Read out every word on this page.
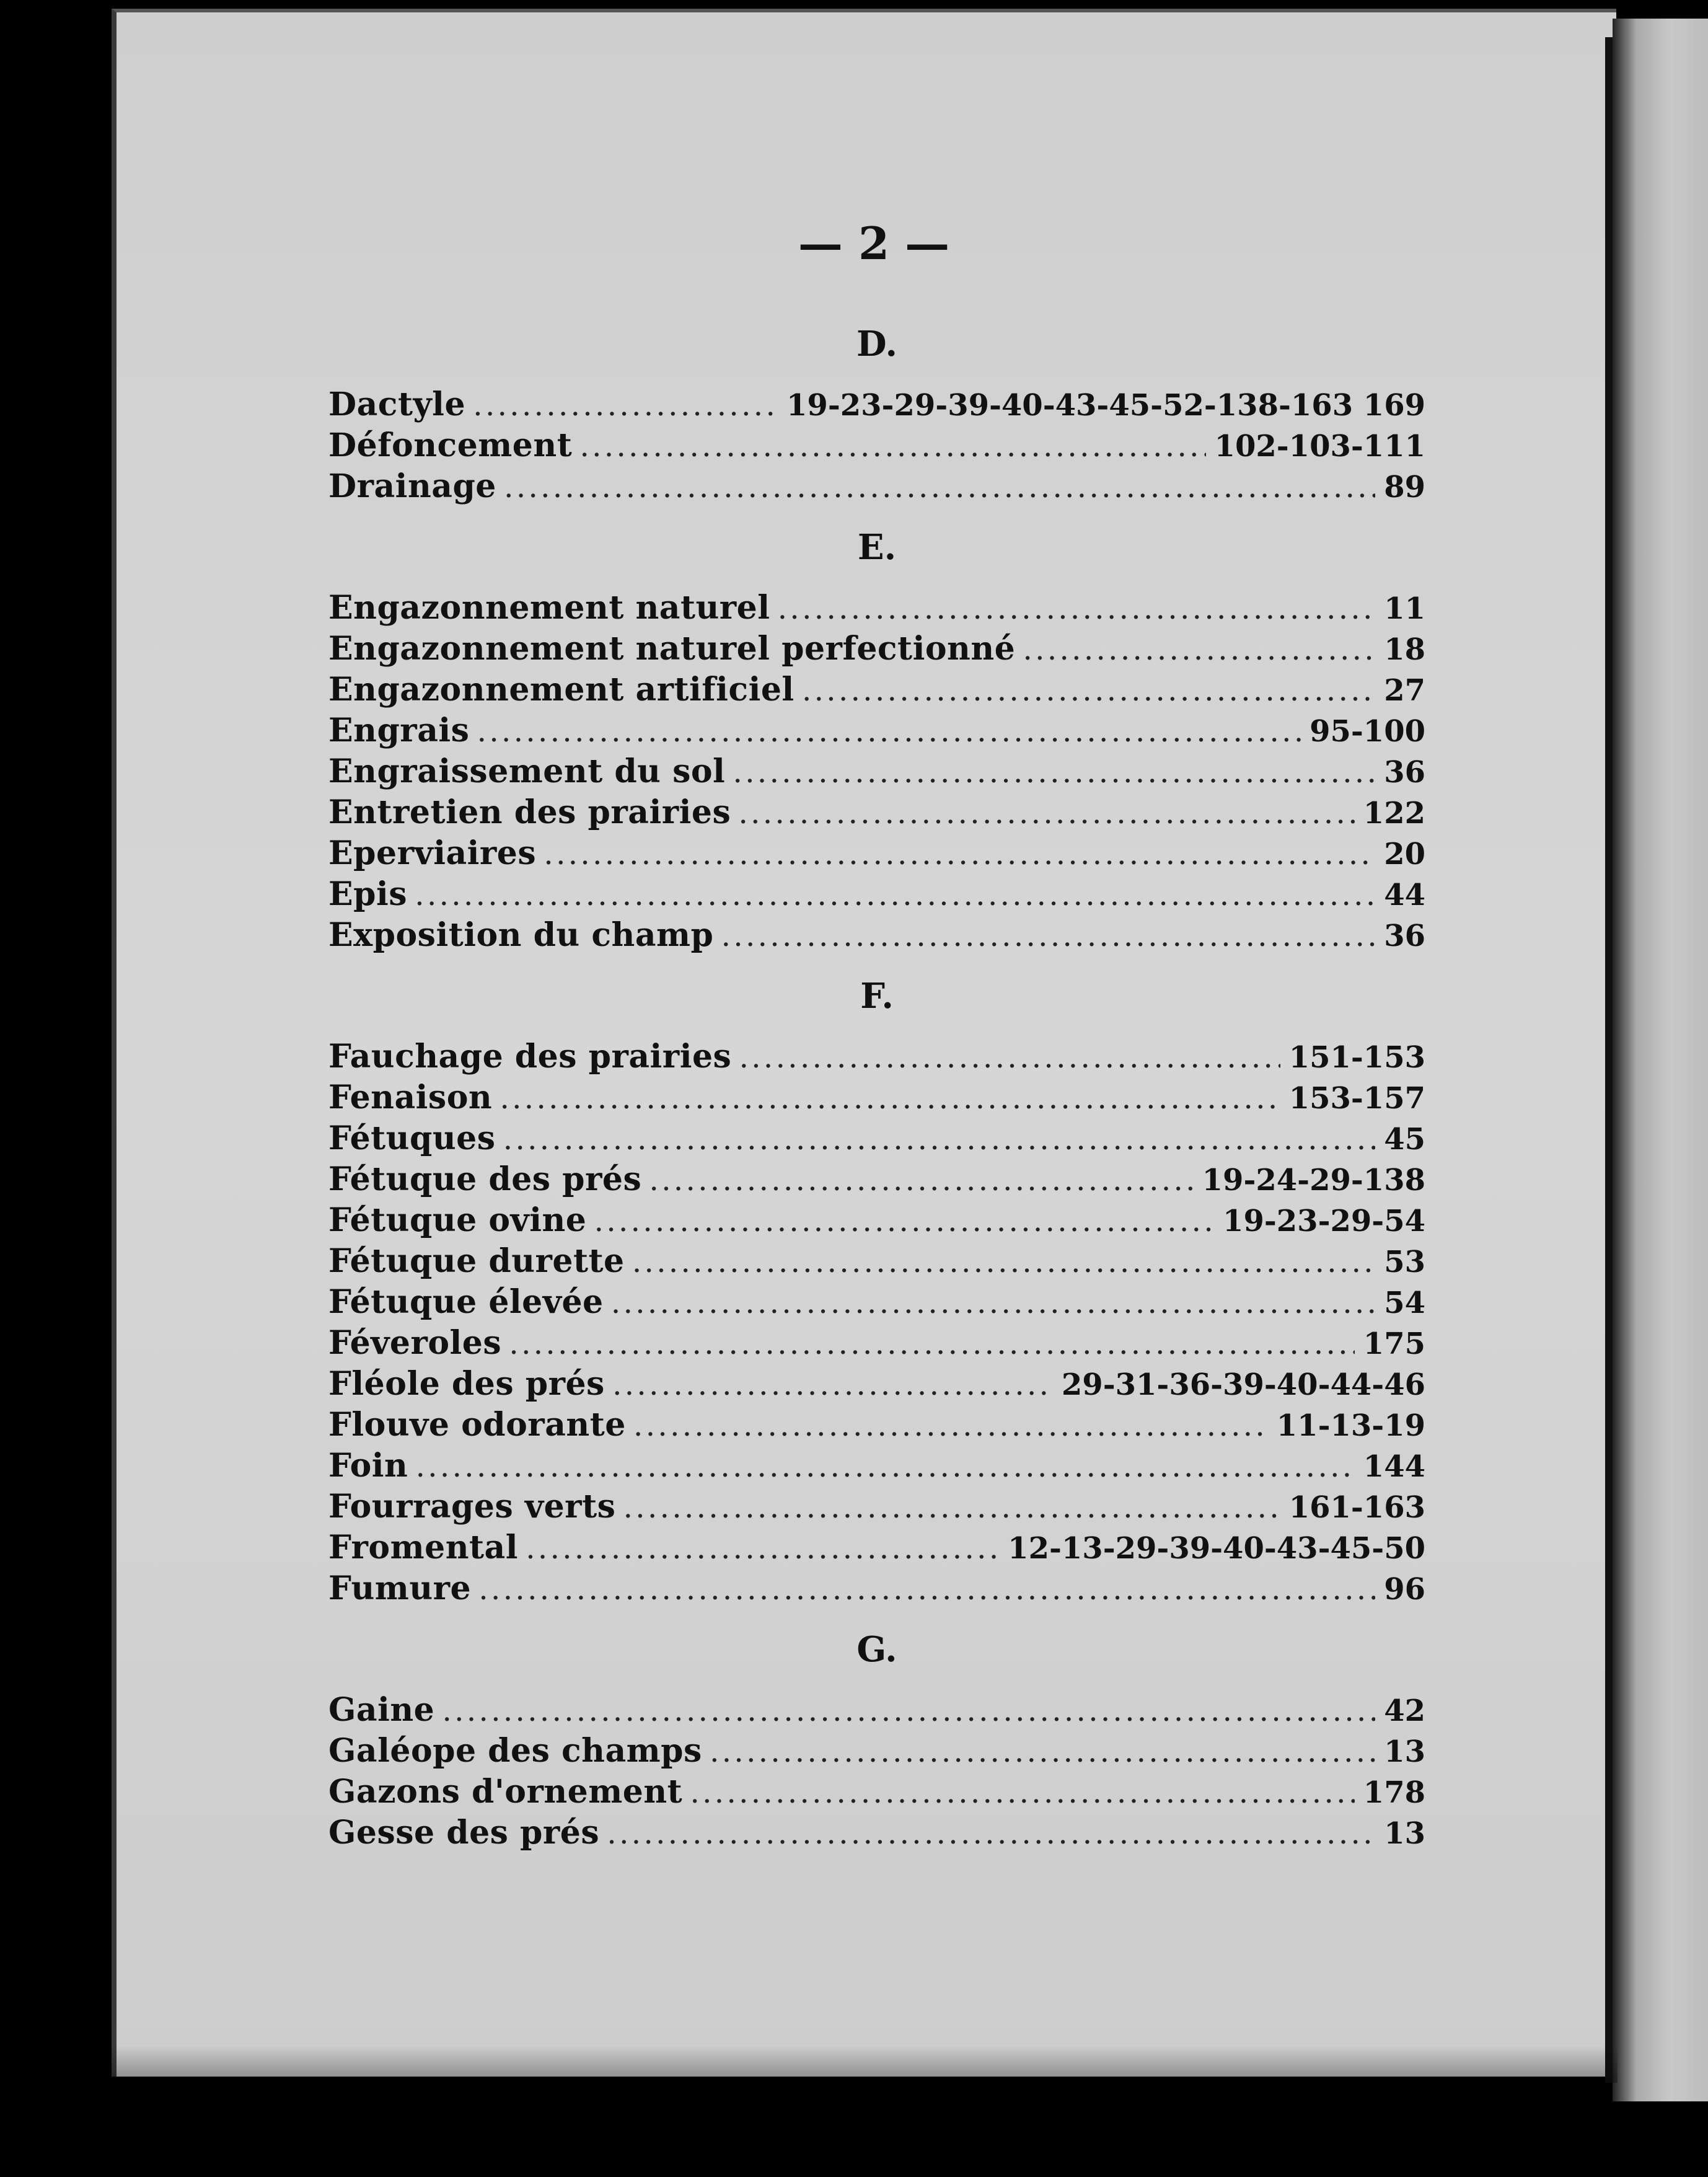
— 2 —
D.
Dactyle . . .	19-23-29-39-40-43-45-52-138-163 169
Défoncement . . .	102-103-111
Drainage . . .	89
E.
Engazonnement naturel . . .	11
Engazonnement naturel perfectionné . . .	18
Engazonnement artificiel . . .	27
Engrais . . .	95-100
Engraissement du sol . . .	36
Entretien des prairies . . .	122
Eperviaires . . .	20
Epis . . .	44
Exposition du champ . . .	36
F.
Fauchage des prairies . . .	151-153
Fenaison . . .	153-157
Fétuques . . .	45
Fétuque des prés . . .	19-24-29-138
Fétuque ovine . . .	19-23-29-54
Fétuque durette . . .	53
Fétuque élevée . . .	54
Féveroles . . .	175
Fléole des prés . . .	29-31-36-39-40-44-46
Flouve odorante . . .	11-13-19
Foin . . .	144
Fourrages verts . . .	161-163
Fromental . . .	12-13-29-39-40-43-45-50
Fumure . . .	96
G.
Gaine . . .	42
Galéope des champs . . .	13
Gazons d'ornement . . .	178
Gesse des prés . . .	13
